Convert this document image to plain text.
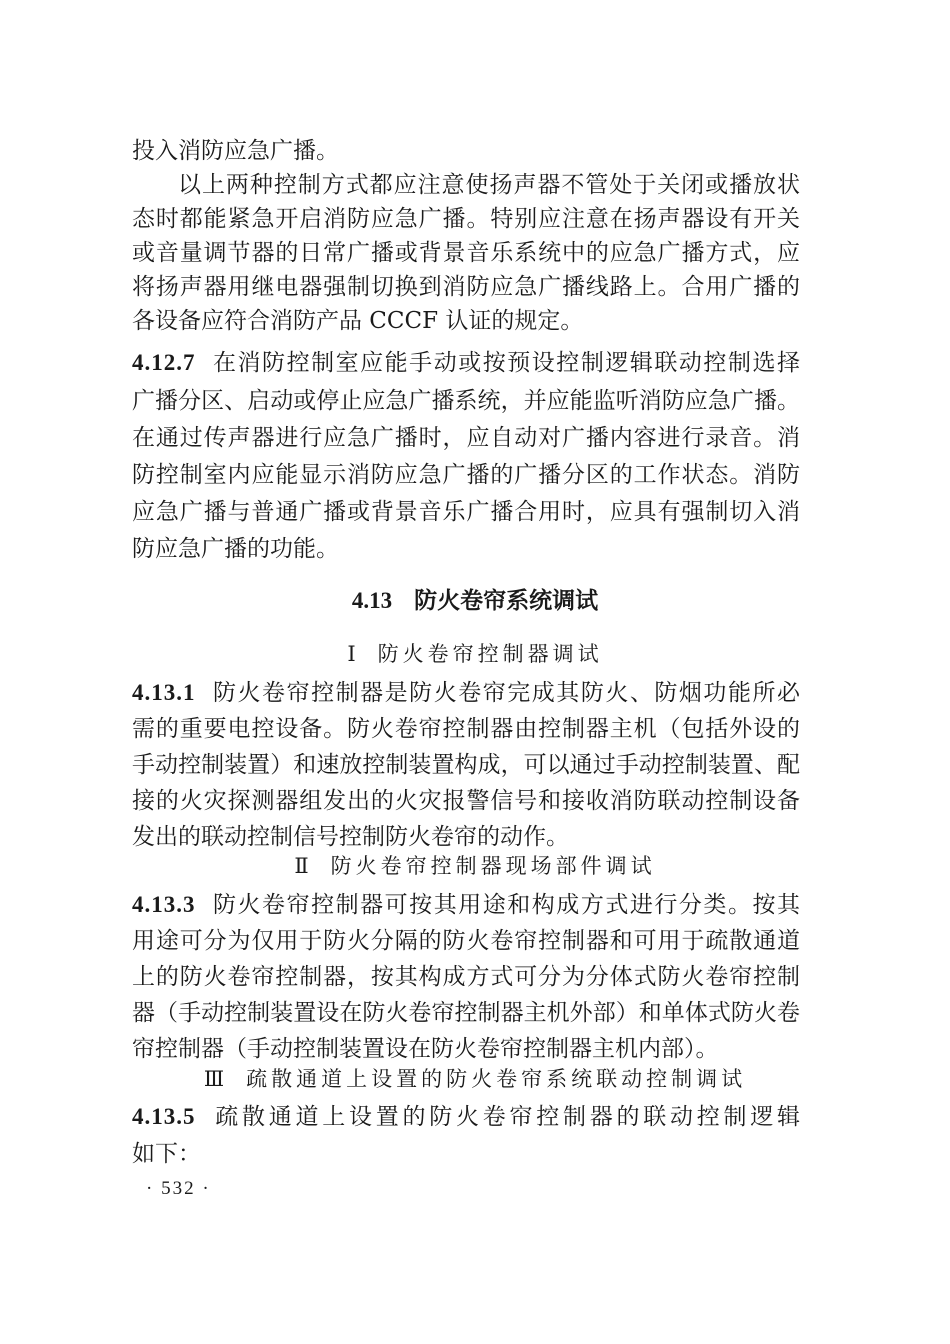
投入消防应急广播。
以上两种控制方式都应注意使扬声器不管处于关闭或播放状
态时都能紧急开启消防应急广播。特别应注意在扬声器设有开关
或音量调节器的日常广播或背景音乐系统中的应急广播方式，应
将扬声器用继电器强制切换到消防应急广播线路上。合用广播的
各设备应符合消防产品 CCCF 认证的规定。
4.12.7 在消防控制室应能手动或按预设控制逻辑联动控制选择
广播分区、启动或停止应急广播系统，并应能监听消防应急广播。
在通过传声器进行应急广播时，应自动对广播内容进行录音。消
防控制室内应能显示消防应急广播的广播分区的工作状态。消防
应急广播与普通广播或背景音乐广播合用时，应具有强制切入消
防应急广播的功能。
4.13 防火卷帘系统调试
Ⅰ 防火卷帘控制器调试
4.13.1 防火卷帘控制器是防火卷帘完成其防火、防烟功能所必
需的重要电控设备。防火卷帘控制器由控制器主机（包括外设的
手动控制装置）和速放控制装置构成，可以通过手动控制装置、配
接的火灾探测器组发出的火灾报警信号和接收消防联动控制设备
发出的联动控制信号控制防火卷帘的动作。
Ⅱ 防火卷帘控制器现场部件调试
4.13.3 防火卷帘控制器可按其用途和构成方式进行分类。按其
用途可分为仅用于防火分隔的防火卷帘控制器和可用于疏散通道
上的防火卷帘控制器，按其构成方式可分为分体式防火卷帘控制
器（手动控制装置设在防火卷帘控制器主机外部）和单体式防火卷
帘控制器（手动控制装置设在防火卷帘控制器主机内部）。
Ⅲ 疏散通道上设置的防火卷帘系统联动控制调试
4.13.5 疏散通道上设置的防火卷帘控制器的联动控制逻辑
如下：
· 532 ·
